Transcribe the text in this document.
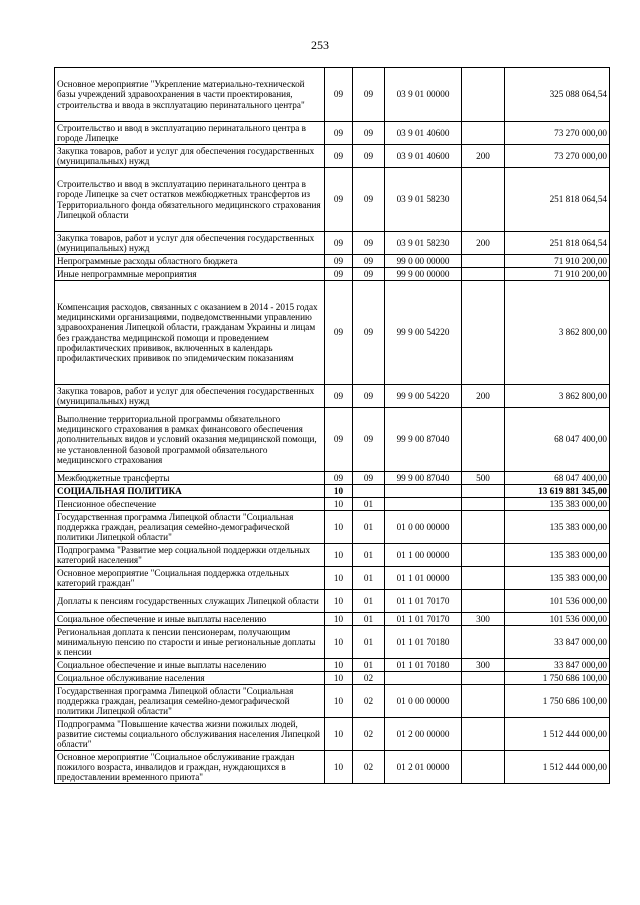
253
Основное мероприятие "Укрепление материально-технической базы учреждений здравоохранения в части проектирования, строительства и ввода в эксплуатацию перинатального центра"	09	09	03 9 01 00000		325 088 064,54
Строительство и ввод в эксплуатацию перинатального центра в городе Липецке	09	09	03 9 01 40600		73 270 000,00
Закупка товаров, работ и услуг для обеспечения государственных (муниципальных) нужд	09	09	03 9 01 40600	200	73 270 000,00
Строительство и ввод в эксплуатацию перинатального центра в городе Липецке за счет остатков межбюджетных трансфертов из Территориального фонда обязательного медицинского страхования Липецкой области	09	09	03 9 01 58230		251 818 064,54
Закупка товаров, работ и услуг для обеспечения государственных (муниципальных) нужд	09	09	03 9 01 58230	200	251 818 064,54
Непрограммные расходы областного бюджета	09	09	99 0 00 00000		71 910 200,00
Иные непрограммные мероприятия	09	09	99 9 00 00000		71 910 200,00
Компенсация расходов, связанных с оказанием в 2014 - 2015 годах медицинскими организациями, подведомственными управлению здравоохранения Липецкой области, гражданам Украины и лицам без гражданства медицинской помощи и проведением профилактических прививок, включенных в календарь профилактических прививок по эпидемическим показаниям	09	09	99 9 00 54220		3 862 800,00
Закупка товаров, работ и услуг для обеспечения государственных (муниципальных) нужд	09	09	99 9 00 54220	200	3 862 800,00
Выполнение территориальной программы обязательного медицинского страхования в рамках финансового обеспечения дополнительных видов и условий оказания медицинской помощи, не установленной базовой программой обязательного медицинского страхования	09	09	99 9 00 87040		68 047 400,00
Межбюджетные трансферты	09	09	99 9 00 87040	500	68 047 400,00
СОЦИАЛЬНАЯ ПОЛИТИКА	10				13 619 881 345,00
Пенсионное обеспечение	10	01			135 383 000,00
Государственная программа Липецкой области "Социальная поддержка граждан, реализация семейно-демографической политики Липецкой области"	10	01	01 0 00 00000		135 383 000,00
Подпрограмма "Развитие мер социальной поддержки отдельных категорий населения"	10	01	01 1 00 00000		135 383 000,00
Основное мероприятие "Социальная поддержка отдельных категорий граждан"	10	01	01 1 01 00000		135 383 000,00
Доплаты к пенсиям государственных служащих Липецкой области	10	01	01 1 01 70170		101 536 000,00
Социальное обеспечение и иные выплаты населению	10	01	01 1 01 70170	300	101 536 000,00
Региональная доплата к пенсии пенсионерам, получающим минимальную пенсию по старости и иные региональные доплаты к пенсии	10	01	01 1 01 70180		33 847 000,00
Социальное обеспечение и иные выплаты населению	10	01	01 1 01 70180	300	33 847 000,00
Социальное обслуживание населения	10	02			1 750 686 100,00
Государственная программа Липецкой области "Социальная поддержка граждан, реализация семейно-демографической политики Липецкой области"	10	02	01 0 00 00000		1 750 686 100,00
Подпрограмма "Повышение качества жизни пожилых людей, развитие системы социального обслуживания населения Липецкой области"	10	02	01 2 00 00000		1 512 444 000,00
Основное мероприятие "Социальное обслуживание граждан пожилого возраста, инвалидов и граждан, нуждающихся в предоставлении временного приюта"	10	02	01 2 01 00000		1 512 444 000,00
